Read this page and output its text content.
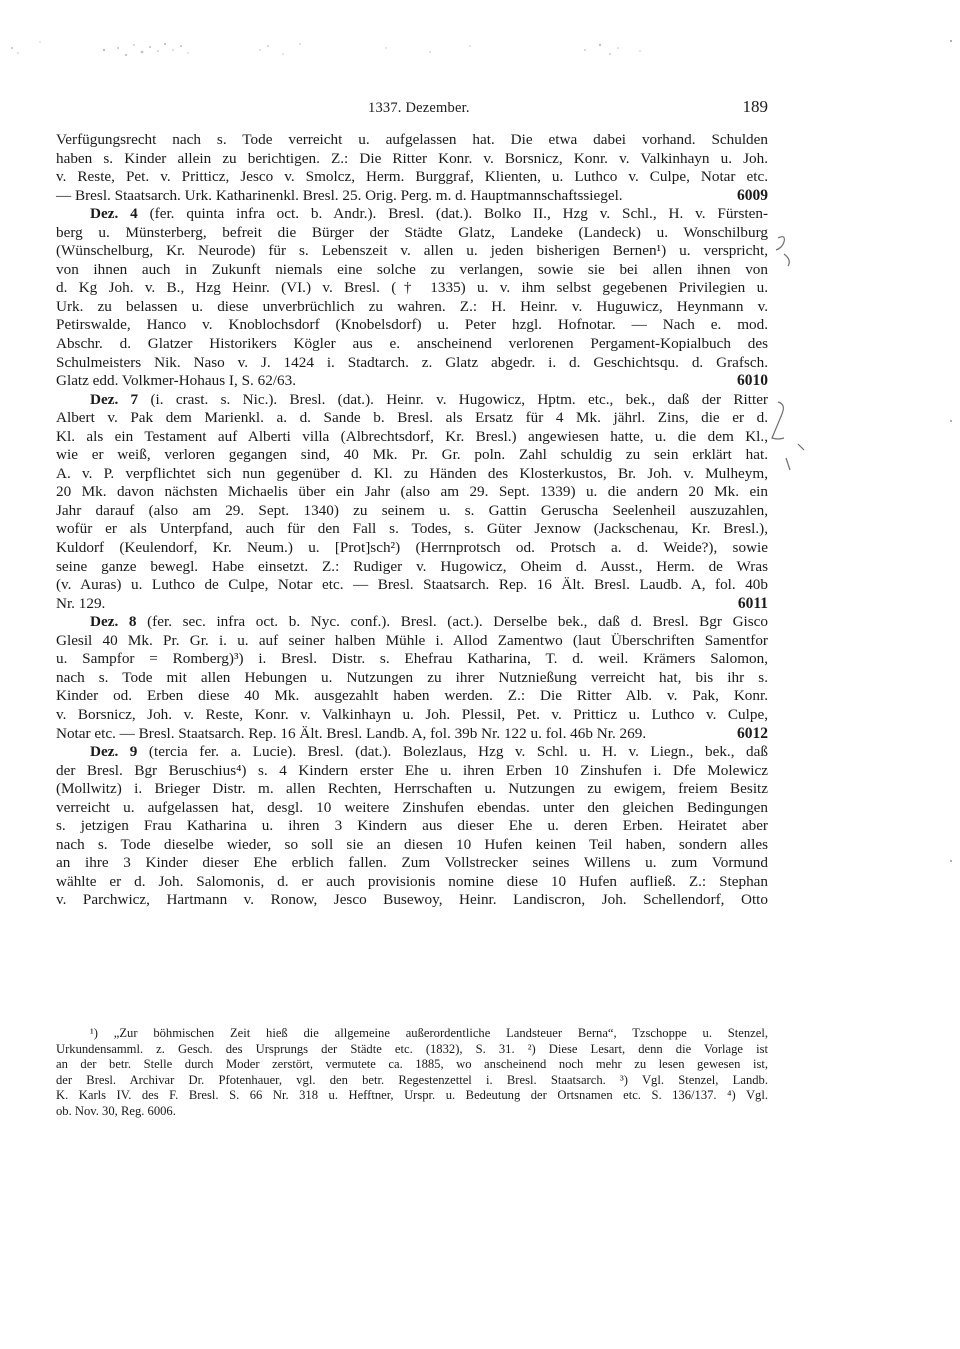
1337. Dezember.	189
Verfügungsrecht nach s. Tode verreicht u. aufgelassen hat. Die etwa dabei vorhand. Schulden
haben s. Kinder allein zu berichtigen. Z.: Die Ritter Konr. v. Borsnicz, Konr. v. Valkinhayn u. Joh.
v. Reste, Pet. v. Pritticz, Jesco v. Smolcz, Herm. Burggraf, Klienten, u. Luthco v. Culpe, Notar etc.
— Bresl. Staatsarch. Urk. Katharinenkl. Bresl. 25. Orig. Perg. m. d. Hauptmannschaftssiegel.	6009
Dez. 4 (fer. quinta infra oct. b. Andr.). Bresl. (dat.). Bolko II., Hzg v. Schl., H. v. Fürsten-
berg u. Münsterberg, befreit die Bürger der Städte Glatz, Landeke (Landeck) u. Wonschilburg
(Wünschelburg, Kr. Neurode) für s. Lebenszeit v. allen u. jeden bisherigen Bernen¹) u. verspricht,
von ihnen auch in Zukunft niemals eine solche zu verlangen, sowie sie bei allen ihnen von
d. Kg Joh. v. B., Hzg Heinr. (VI.) v. Bresl. († 1335) u. v. ihm selbst gegebenen Privilegien u.
Urk. zu belassen u. diese unverbrüchlich zu wahren. Z.: H. Heinr. v. Huguwicz, Heynmann v.
Petirswalde, Hanco v. Knoblochsdorf (Knobelsdorf) u. Peter hzgl. Hofnotar. — Nach e. mod.
Abschr. d. Glatzer Historikers Kögler aus e. anscheinend verlorenen Pergament-Kopialbuch des
Schulmeisters Nik. Naso v. J. 1424 i. Stadtarch. z. Glatz abgedr. i. d. Geschichtsqu. d. Grafsch.
Glatz edd. Volkmer-Hohaus I, S. 62/63.	6010
Dez. 7 (i. crast. s. Nic.). Bresl. (dat.). Heinr. v. Hugowicz, Hptm. etc., bek., daß der Ritter
Albert v. Pak dem Marienkl. a. d. Sande b. Bresl. als Ersatz für 4 Mk. jährl. Zins, die er d.
Kl. als ein Testament auf Alberti villa (Albrechtsdorf, Kr. Bresl.) angewiesen hatte, u. die dem Kl.,
wie er weiß, verloren gegangen sind, 40 Mk. Pr. Gr. poln. Zahl schuldig zu sein erklärt hat.
A. v. P. verpflichtet sich nun gegenüber d. Kl. zu Händen des Klosterkustos, Br. Joh. v. Mulheym,
20 Mk. davon nächsten Michaelis über ein Jahr (also am 29. Sept. 1339) u. die andern 20 Mk. ein
Jahr darauf (also am 29. Sept. 1340) zu seinem u. s. Gattin Geruscha Seelenheil auszuzahlen,
wofür er als Unterpfand, auch für den Fall s. Todes, s. Güter Jexnow (Jackschenau, Kr. Bresl.),
Kuldorf (Keulendorf, Kr. Neum.) u. [Prot]sch²) (Herrnprotsch od. Protsch a. d. Weide?), sowie
seine ganze bewegl. Habe einsetzt. Z.: Rudiger v. Hugowicz, Oheim d. Ausst., Herm. de Wras
(v. Auras) u. Luthco de Culpe, Notar etc. — Bresl. Staatsarch. Rep. 16 Ält. Bresl. Laudb. A, fol. 40b
Nr. 129.	6011
Dez. 8 (fer. sec. infra oct. b. Nyc. conf.). Bresl. (act.). Derselbe bek., daß d. Bresl. Bgr Gisco
Glesil 40 Mk. Pr. Gr. i. u. auf seiner halben Mühle i. Allod Zamentwo (laut Überschriften Samentfor
u. Sampfor = Romberg)³) i. Bresl. Distr. s. Ehefrau Katharina, T. d. weil. Krämers Salomon,
nach s. Tode mit allen Hebungen u. Nutzungen zu ihrer Nutznießung verreicht hat, bis ihr s.
Kinder od. Erben diese 40 Mk. ausgezahlt haben werden. Z.: Die Ritter Alb. v. Pak, Konr.
v. Borsnicz, Joh. v. Reste, Konr. v. Valkinhayn u. Joh. Plessil, Pet. v. Pritticz u. Luthco v. Culpe,
Notar etc. — Bresl. Staatsarch. Rep. 16 Ält. Bresl. Landb. A, fol. 39b Nr. 122 u. fol. 46b Nr. 269.	6012
Dez. 9 (tercia fer. a. Lucie). Bresl. (dat.). Bolezlaus, Hzg v. Schl. u. H. v. Liegn., bek., daß
der Bresl. Bgr Beruschius⁴) s. 4 Kindern erster Ehe u. ihren Erben 10 Zinshufen i. Dfe Molewicz
(Mollwitz) i. Brieger Distr. m. allen Rechten, Herrschaften u. Nutzungen zu ewigem, freiem Besitz
verreicht u. aufgelassen hat, desgl. 10 weitere Zinshufen ebendas. unter den gleichen Bedingungen
s. jetzigen Frau Katharina u. ihren 3 Kindern aus dieser Ehe u. deren Erben. Heiratet aber
nach s. Tode dieselbe wieder, so soll sie an diesen 10 Hufen keinen Teil haben, sondern alles
an ihre 3 Kinder dieser Ehe erblich fallen. Zum Vollstrecker seines Willens u. zum Vormund
wählte er d. Joh. Salomonis, d. er auch provisionis nomine diese 10 Hufen aufließ. Z.: Stephan
v. Parchwicz, Hartmann v. Ronow, Jesco Busewoy, Heinr. Landiscron, Joh. Schellendorf, Otto
¹) „Zur böhmischen Zeit hieß die allgemeine außerordentliche Landsteuer Berna“, Tzschoppe u. Stenzel,
Urkundensamml. z. Gesch. des Ursprungs der Städte etc. (1832), S. 31. ²) Diese Lesart, denn die Vorlage ist
an der betr. Stelle durch Moder zerstört, vermutete ca. 1885, wo anscheinend noch mehr zu lesen gewesen ist,
der Bresl. Archivar Dr. Pfotenhauer, vgl. den betr. Regestenzettel i. Bresl. Staatsarch. ³) Vgl. Stenzel, Landb.
K. Karls IV. des F. Bresl. S. 66 Nr. 318 u. Hefftner, Urspr. u. Bedeutung der Ortsnamen etc. S. 136/137. ⁴) Vgl.
ob. Nov. 30, Reg. 6006.
